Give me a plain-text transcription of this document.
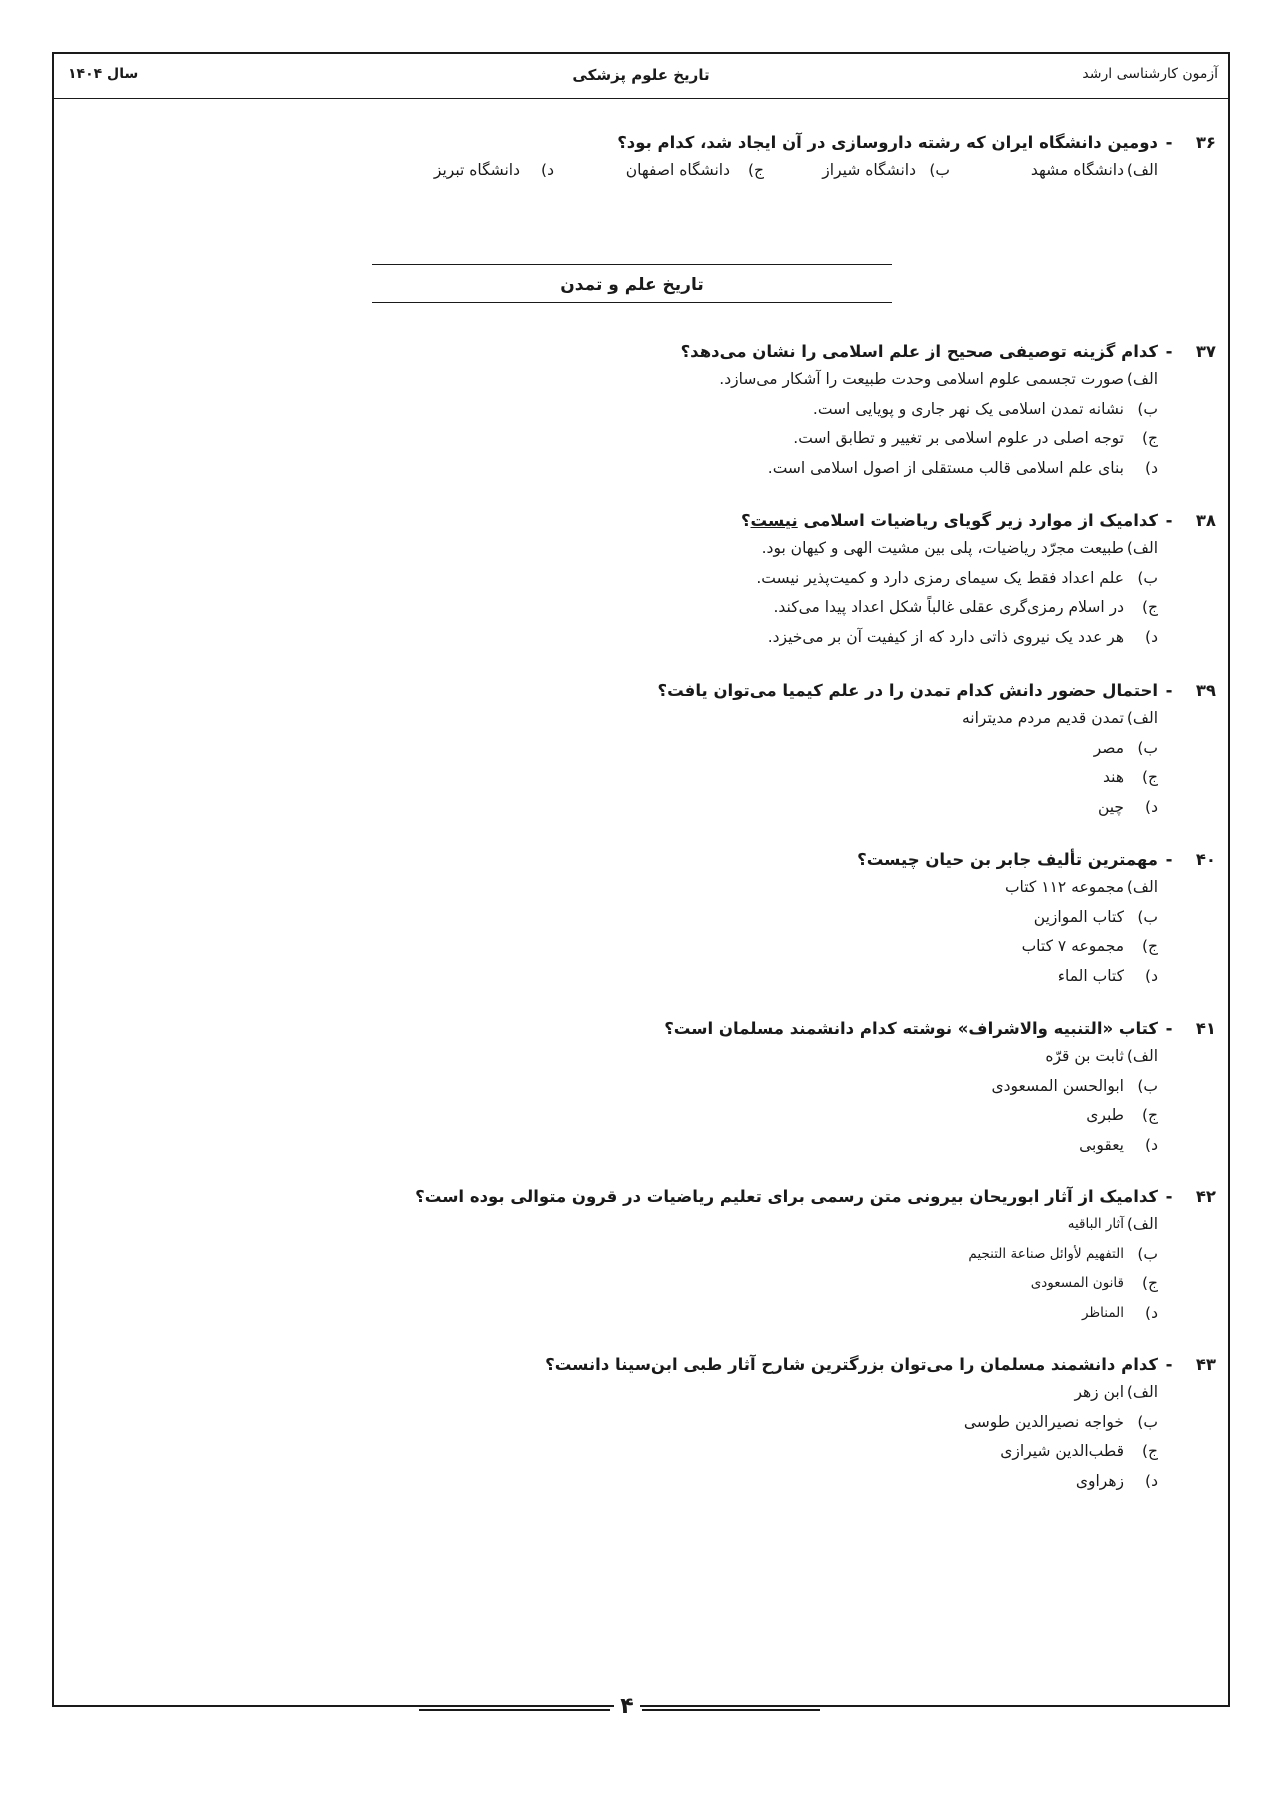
آزمون کارشناسی ارشد
تاریخ علوم پزشکی
سال ۱۴۰۴
۳۶
-
دومین دانشگاه ایران که رشته داروسازی در آن ایجاد شد، کدام بود؟
الف)
دانشگاه مشهد
ب)
دانشگاه شیراز
ج)
دانشگاه اصفهان
د)
دانشگاه تبریز
تاریخ علم و تمدن
۳۷
-
کدام گزینه توصیفی صحیح از علم اسلامی را نشان می‌دهد؟
الف)
صورت تجسمی علوم اسلامی وحدت طبیعت را آشکار می‌سازد.
ب)
نشانه تمدن اسلامی یک نهر جاری و پویایی است.
ج)
توجه اصلی در علوم اسلامی بر تغییر و تطابق است.
د)
بنای علم اسلامی قالب مستقلی از اصول اسلامی است.
۳۸
-
کدامیک از موارد زیر گویای ریاضیات اسلامی نیست؟
الف)
طبیعت مجرّد ریاضیات، پلی بین مشیت الهی و کیهان بود.
ب)
علم اعداد فقط یک سیمای رمزی دارد و کمیت‌پذیر نیست.
ج)
در اسلام رمزی‌گری عقلی غالباً شکل اعداد پیدا می‌کند.
د)
هر عدد یک نیروی ذاتی دارد که از کیفیت آن بر می‌خیزد.
۳۹
-
احتمال حضور دانش کدام تمدن را در علم کیمیا می‌توان یافت؟
الف)
تمدن قدیم مردم مدیترانه
ب)
مصر
ج)
هند
د)
چین
۴۰
-
مهمترین تألیف جابر بن حیان چیست؟
الف)
مجموعه ۱۱۲ کتاب
ب)
کتاب الموازین
ج)
مجموعه ۷ کتاب
د)
کتاب الماء
۴۱
-
کتاب «التنبیه والاشراف» نوشته کدام دانشمند مسلمان است؟
الف)
ثابت بن قرّه
ب)
ابوالحسن المسعودی
ج)
طبری
د)
یعقوبی
۴۲
-
کدامیک از آثار ابوریحان بیرونی متن رسمی برای تعلیم ریاضیات در قرون متوالی بوده است؟
الف)
آثار الباقیه
ب)
التفهیم لأوائل صناعة التنجیم
ج)
قانون المسعودی
د)
المناظر
۴۳
-
کدام دانشمند مسلمان را می‌توان بزرگترین شارح آثار طبی ابن‌سینا دانست؟
الف)
ابن زهر
ب)
خواجه نصیرالدین طوسی
ج)
قطب‌الدین شیرازی
د)
زهراوی
۴
